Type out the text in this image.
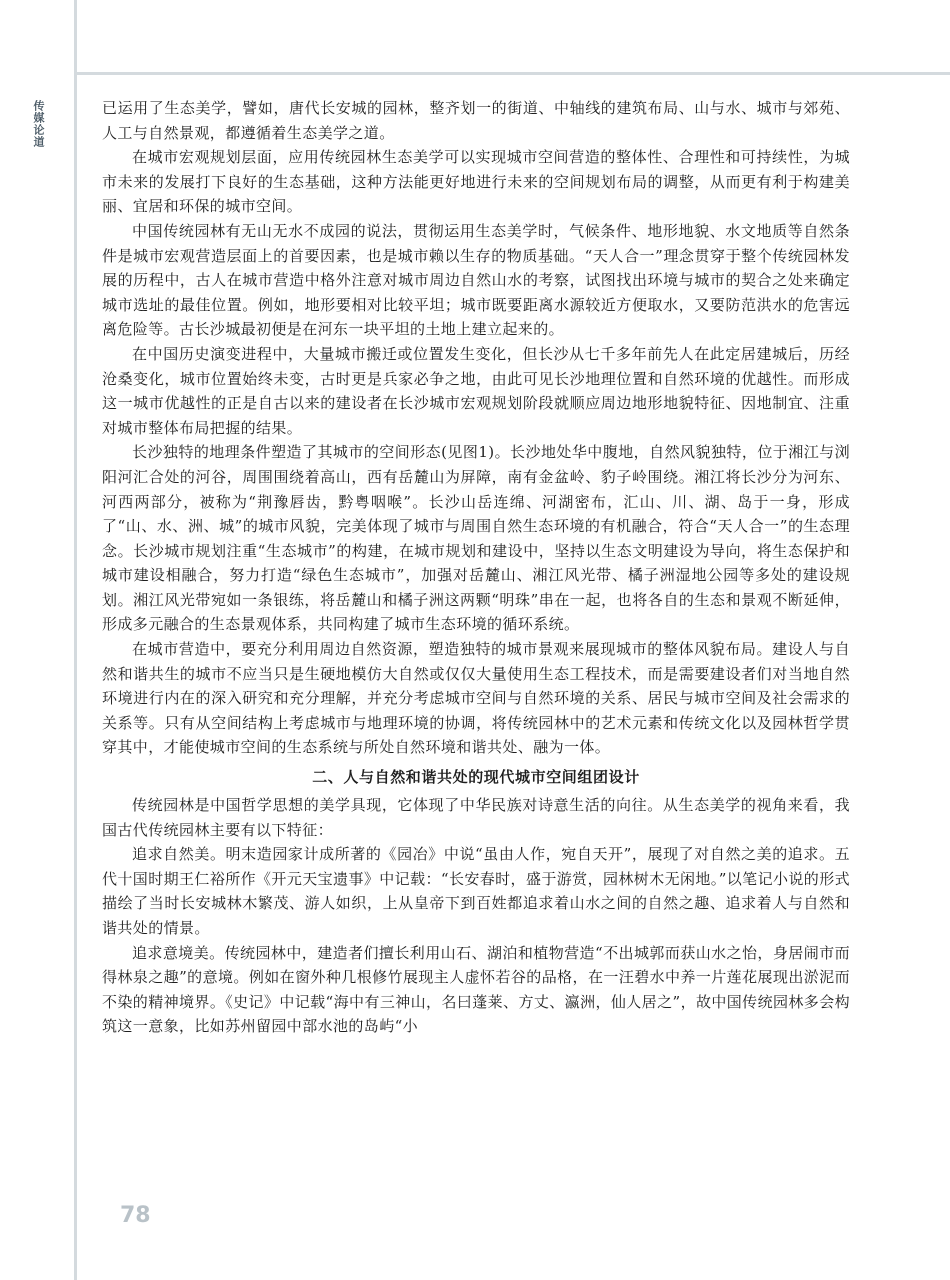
传媒论道	已运用了生态美学，譬如，唐代长安城的园林，整齐划一的街道、中轴线的建筑布局、山与水、城市与郊苑、人工与自然景观，都遵循着生态美学之道。

在城市宏观规划层面，应用传统园林生态美学可以实现城市空间营造的整体性、合理性和可持续性，为城市未来的发展打下良好的生态基础，这种方法能更好地进行未来的空间规划布局的调整，从而更有利于构建美丽、宜居和环保的城市空间。

中国传统园林有无山无水不成园的说法，贯彻运用生态美学时，气候条件、地形地貌、水文地质等自然条件是城市宏观营造层面上的首要因素，也是城市赖以生存的物质基础。“天人合一”理念贯穿于整个传统园林发展的历程中，古人在城市营造中格外注意对城市周边自然山水的考察，试图找出环境与城市的契合之处来确定城市选址的最佳位置。例如，地形要相对比较平坦；城市既要距离水源较近方便取水，又要防范洪水的危害远离危险等。古长沙城最初便是在河东一块平坦的土地上建立起来的。

在中国历史演变进程中，大量城市搬迁或位置发生变化，但长沙从七千多年前先人在此定居建城后，历经沧桑变化，城市位置始终未变，古时更是兵家必争之地，由此可见长沙地理位置和自然环境的优越性。而形成这一城市优越性的正是自古以来的建设者在长沙城市宏观规划阶段就顺应周边地形地貌特征、因地制宜、注重对城市整体布局把握的结果。

长沙独特的地理条件塑造了其城市的空间形态(见图1)。长沙地处华中腹地，自然风貌独特，位于湘江与浏阳河汇合处的河谷，周围围绕着高山，西有岳麓山为屏障，南有金盆岭、豹子岭围绕。湘江将长沙分为河东、河西两部分，被称为“荆豫唇齿，黔粤咽喉”。长沙山岳连绵、河湖密布，汇山、川、湖、岛于一身，形成了“山、水、洲、城”的城市风貌，完美体现了城市与周围自然生态环境的有机融合，符合“天人合一”的生态理念。长沙城市规划注重“生态城市”的构建，在城市规划和建设中，坚持以生态文明建设为导向，将生态保护和城市建设相融合，努力打造“绿色生态城市”，加强对岳麓山、湘江风光带、橘子洲湿地公园等多处的建设规划。湘江风光带宛如一条银练，将岳麓山和橘子洲这两颗“明珠”串在一起，也将各自的生态和景观不断延伸，形成多元融合的生态景观体系，共同构建了城市生态环境的循环系统。

在城市营造中，要充分利用周边自然资源，塑造独特的城市景观来展现城市的整体风貌布局。建设人与自然和谐共生的城市不应当只是生硬地模仿大自然或仅仅大量使用生态工程技术，而是需要建设者们对当地自然环境进行内在的深入研究和充分理解，并充分考虑城市空间与自然环境的关系、居民与城市空间及社会需求的关系等。只有从空间结构上考虑城市与地理环境的协调，将传统园林中的艺术元素和传统文化以及园林哲学贯穿其中，才能使城市空间的生态系统与所处自然环境和谐共处、融为一体。

二、人与自然和谐共处的现代城市空间组团设计

传统园林是中国哲学思想的美学具现，它体现了中华民族对诗意生活的向往。从生态美学的视角来看，我国古代传统园林主要有以下特征：

追求自然美。明末造园家计成所著的《园冶》中说“虽由人作，宛自天开”，展现了对自然之美的追求。五代十国时期王仁裕所作《开元天宝遗事》中记载：“长安春时，盛于游赏，园林树木无闲地。”以笔记小说的形式描绘了当时长安城林木繁茂、游人如织，上从皇帝下到百姓都追求着山水之间的自然之趣、追求着人与自然和谐共处的情景。

追求意境美。传统园林中，建造者们擅长利用山石、湖泊和植物营造“不出城郭而获山水之怡，身居闹市而得林泉之趣”的意境。例如在窗外种几根修竹展现主人虚怀若谷的品格，在一汪碧水中养一片莲花展现出淤泥而不染的精神境界。《史记》中记载“海中有三神山，名曰蓬莱、方丈、瀛洲，仙人居之”，故中国传统园林多会构筑这一意象，比如苏州留园中部水池的岛屿“小

78
